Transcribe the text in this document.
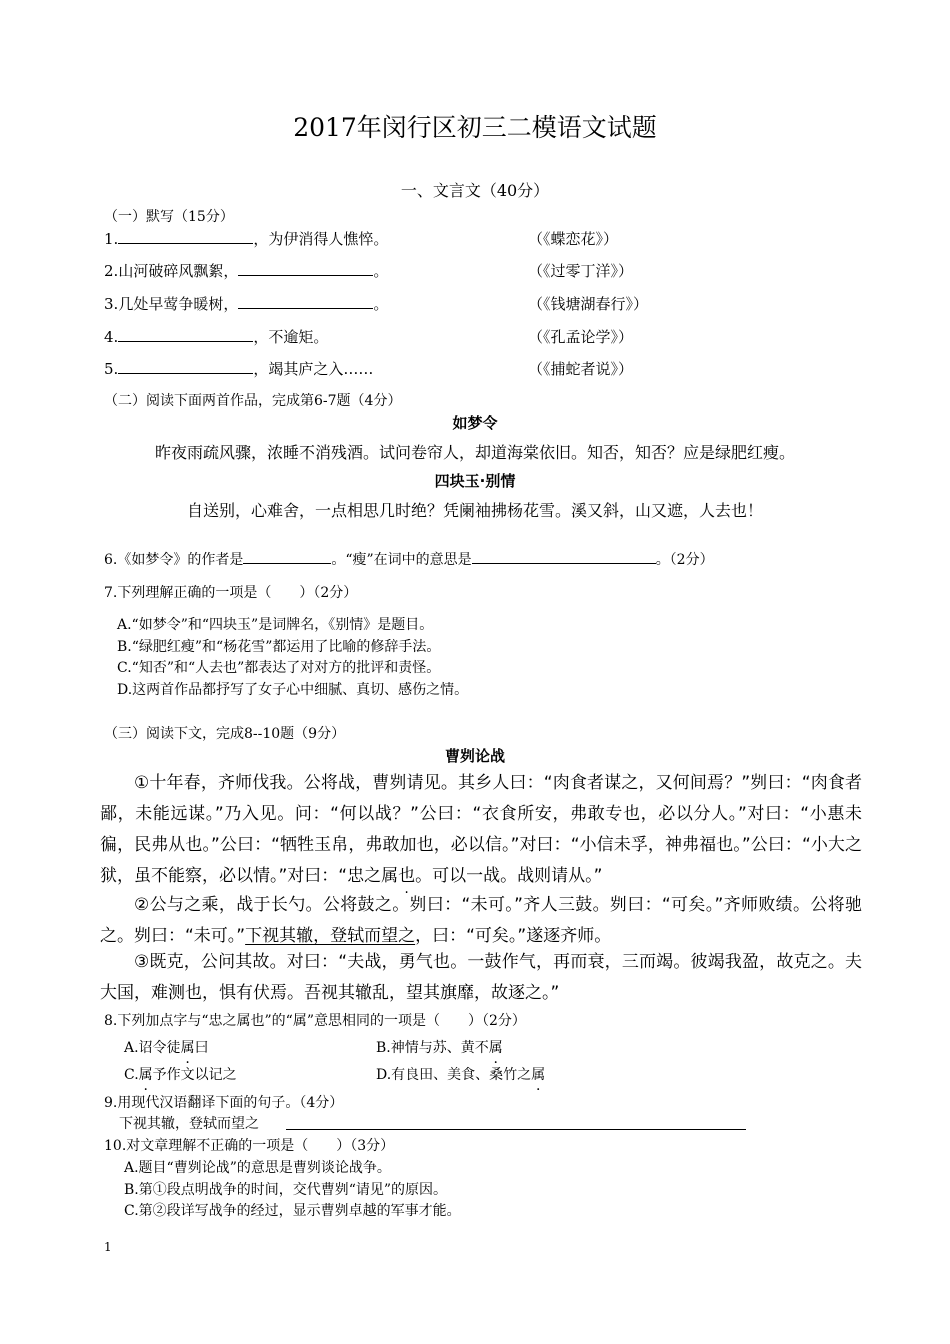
2017年闵行区初三二模语文试题
一、文言文（40分）
（一）默写（15分）
1.	，为伊消得人憔悴。	（《蝶恋花》）
2.山河破碎风飘絮，	。	（《过零丁洋》）
3.几处早莺争暖树，	。	（《钱塘湖春行》）
4.	，不逾矩。	（《孔孟论学》）
5.	，竭其庐之入……	（《捕蛇者说》）
（二）阅读下面两首作品，完成第6-7题（4分）
如梦令
昨夜雨疏风骤，浓睡不消残酒。试问卷帘人，却道海棠依旧。知否，知否？应是绿肥红瘦。
四块玉·别情
自送别，心难舍，一点相思几时绝？凭阑袖拂杨花雪。溪又斜，山又遮，人去也！
6.《如梦令》的作者是	。“瘦”在词中的意思是	。（2分）
7.下列理解正确的一项是（　　）（2分）
A.“如梦令”和“四块玉”是词牌名，《别情》是题目。
B.“绿肥红瘦”和“杨花雪”都运用了比喻的修辞手法。
C.“知否”和“人去也”都表达了对对方的批评和责怪。
D.这两首作品都抒写了女子心中细腻、真切、感伤之情。
（三）阅读下文，完成8--10题（9分）
曹刿论战
①十年春，齐师伐我。公将战，曹刿请见。其乡人曰：“肉食者谋之，又何间焉？”刿曰：“肉食者鄙，未能远谋。”乃入见。问：“何以战？”公曰：“衣食所安，弗敢专也，必以分人。”对曰：“小惠未徧，民弗从也。”公曰：“牺牲玉帛，弗敢加也，必以信。”对曰：“小信未孚，神弗福也。”公曰：“小大之狱，虽不能察，必以情。”对曰：“忠之属也。可以一战。战则请从。”
②公与之乘，战于长勺。公将鼓之。刿曰：“未可。”齐人三鼓。刿曰：“可矣。”齐师败绩。公将驰之。刿曰：“未可。”下视其辙，登轼而望之，曰：“可矣。”遂逐齐师。
③既克，公问其故。对曰：“夫战，勇气也。一鼓作气，再而衰，三而竭。彼竭我盈，故克之。夫大国，难测也，惧有伏焉。吾视其辙乱，望其旗靡，故逐之。”
8.下列加点字与“忠之属也”的“属”意思相同的一项是（　　）（2分）
A.诏令徒属曰	B.神情与苏、黄不属
C.属予作文以记之	D.有良田、美食、桑竹之属
9.用现代汉语翻译下面的句子。（4分）
下视其辙，登轼而望之
10.对文章理解不正确的一项是（　　）（3分）
A.题目“曹刿论战”的意思是曹刿谈论战争。
B.第①段点明战争的时间，交代曹刿“请见”的原因。
C.第②段详写战争的经过，显示曹刿卓越的军事才能。
1
